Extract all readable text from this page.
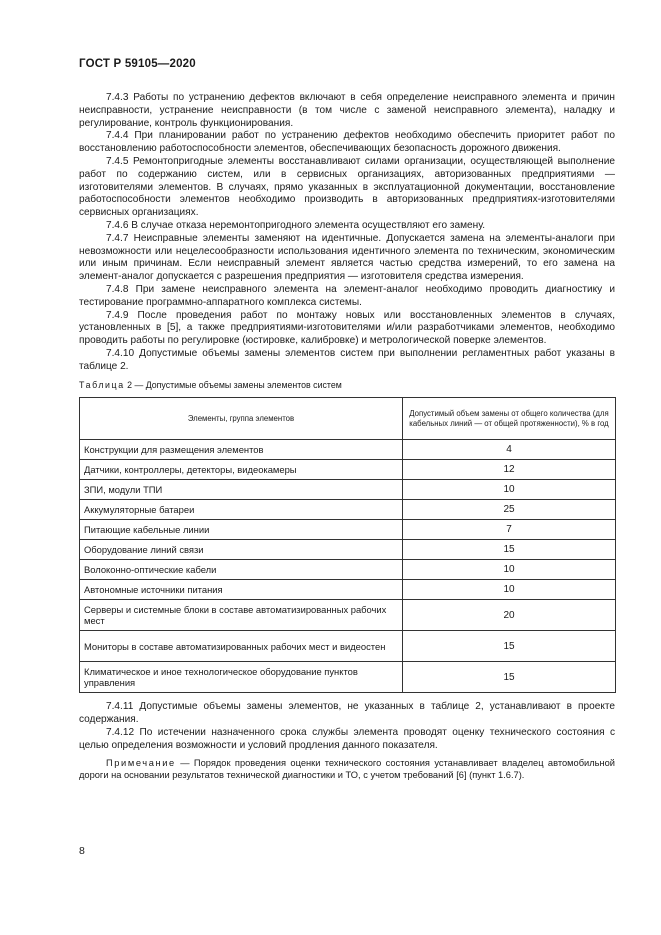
ГОСТ Р 59105—2020

7.4.3 Работы по устранению дефектов включают в себя определение неисправного элемента и причин неисправности, устранение неисправности (в том числе с заменой неисправного элемента), наладку и регулирование, контроль функционирования.

7.4.4 При планировании работ по устранению дефектов необходимо обеспечить приоритет работ по восстановлению работоспособности элементов, обеспечивающих безопасность дорожного движения.

7.4.5 Ремонтопригодные элементы восстанавливают силами организации, осуществляющей выполнение работ по содержанию систем, или в сервисных организациях, авторизованных предприятиями — изготовителями элементов. В случаях, прямо указанных в эксплуатационной документации, восстановление работоспособности элементов необходимо производить в авторизованных предприятиях-изготовителями сервисных организациях.

7.4.6 В случае отказа неремонтопригодного элемента осуществляют его замену.

7.4.7 Неисправные элементы заменяют на идентичные. Допускается замена на элементы-аналоги при невозможности или нецелесообразности использования идентичного элемента по техническим, экономическим или иным причинам. Если неисправный элемент является частью средства измерений, то его замена на элемент-аналог допускается с разрешения предприятия — изготовителя средства измерения.

7.4.8 При замене неисправного элемента на элемент-аналог необходимо проводить диагностику и тестирование программно-аппаратного комплекса системы.

7.4.9 После проведения работ по монтажу новых или восстановленных элементов в случаях, установленных в [5], а также предприятиями-изготовителями и/или разработчиками элементов, необходимо проводить работы по регулировке (юстировке, калибровке) и метрологической поверке элементов.

7.4.10 Допустимые объемы замены элементов систем при выполнении регламентных работ указаны в таблице 2.

Таблица 2 — Допустимые объемы замены элементов систем
Элементы, группа элементов	Допустимый объем замены от общего количества (для кабельных линий — от общей протяженности), % в год
Конструкции для размещения элементов	4
Датчики, контроллеры, детекторы, видеокамеры	12
ЗПИ, модули ТПИ	10
Аккумуляторные батареи	25
Питающие кабельные линии	7
Оборудование линий связи	15
Волоконно-оптические кабели	10
Автономные источники питания	10
Серверы и системные блоки в составе автоматизированных рабочих мест	20
Мониторы в составе автоматизированных рабочих мест и видеостен	15
Климатическое и иное технологическое оборудование пунктов управления	15

7.4.11 Допустимые объемы замены элементов, не указанных в таблице 2, устанавливают в проекте содержания.

7.4.12 По истечении назначенного срока службы элемента проводят оценку технического состояния с целью определения возможности и условий продления данного показателя.

Примечание — Порядок проведения оценки технического состояния устанавливает владелец автомобильной дороги на основании результатов технической диагностики и ТО, с учетом требований [6] (пункт 1.6.7).

8
